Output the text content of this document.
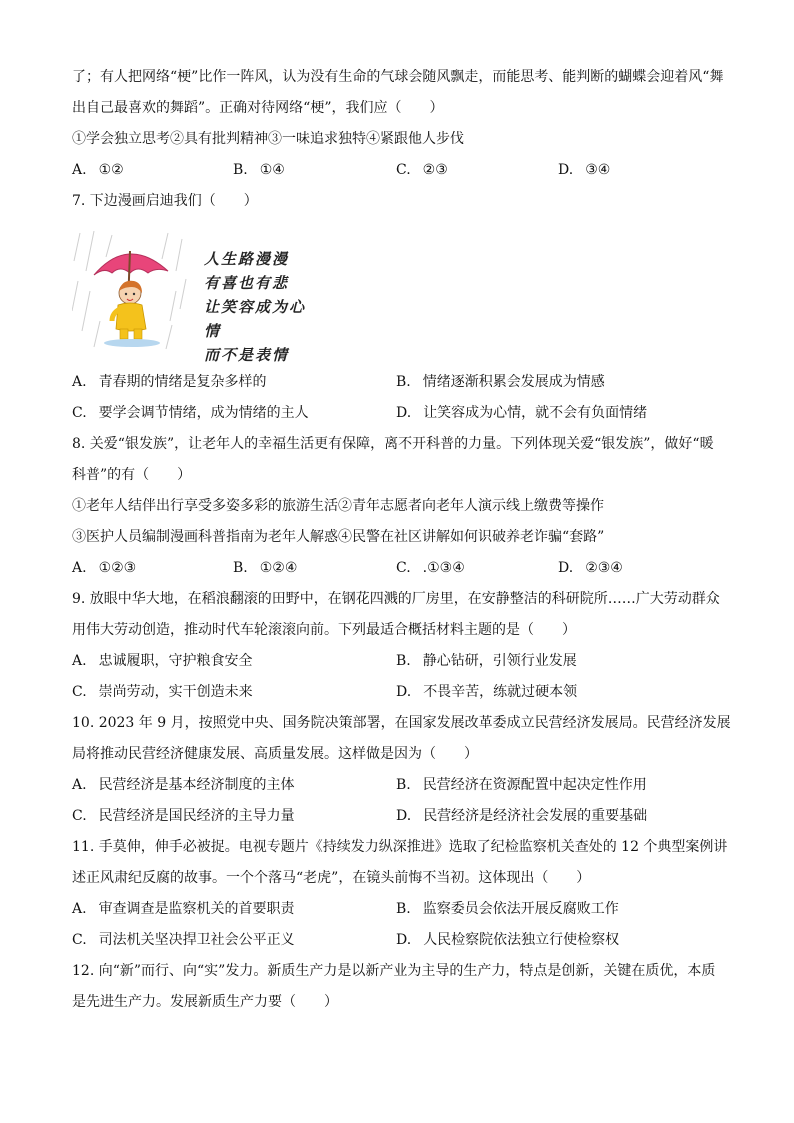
了；有人把网络“梗”比作一阵风，认为没有生命的气球会随风飘走，而能思考、能判断的蝴蝶会迎着风“舞
出自己最喜欢的舞蹈”。正确对待网络“梗”，我们应（　　）
①学会独立思考②具有批判精神③一味追求独特④紧跟他人步伐
A. ①②	B. ①④	C. ②③	D. ③④
7. 下边漫画启迪我们（　　）
人生路漫漫
有喜也有悲
让笑容成为心情
而不是表情
A. 青春期的情绪是复杂多样的	B. 情绪逐渐积累会发展成为情感
C. 要学会调节情绪，成为情绪的主人	D. 让笑容成为心情，就不会有负面情绪
8. 关爱“银发族”，让老年人的幸福生活更有保障，离不开科普的力量。下列体现关爱“银发族”，做好“暖
科普”的有（　　）
①老年人结伴出行享受多姿多彩的旅游生活②青年志愿者向老年人演示线上缴费等操作
③医护人员编制漫画科普指南为老年人解惑④民警在社区讲解如何识破养老诈骗“套路”
A. ①②③	B. ①②④	C. .①③④	D. ②③④
9. 放眼中华大地，在稻浪翻滚的田野中，在钢花四溅的厂房里，在安静整洁的科研院所……广大劳动群众
用伟大劳动创造，推动时代车轮滚滚向前。下列最适合概括材料主题的是（　　）
A. 忠诚履职，守护粮食安全	B. 静心钻研，引领行业发展
C. 崇尚劳动，实干创造未来	D. 不畏辛苦，练就过硬本领
10. 2023 年 9 月，按照党中央、国务院决策部署，在国家发展改革委成立民营经济发展局。民营经济发展
局将推动民营经济健康发展、高质量发展。这样做是因为（　　）
A. 民营经济是基本经济制度的主体	B. 民营经济在资源配置中起决定性作用
C. 民营经济是国民经济的主导力量	D. 民营经济是经济社会发展的重要基础
11. 手莫伸，伸手必被捉。电视专题片《持续发力纵深推进》选取了纪检监察机关查处的 12 个典型案例讲
述正风肃纪反腐的故事。一个个落马“老虎”，在镜头前悔不当初。这体现出（　　）
A. 审查调查是监察机关的首要职责	B. 监察委员会依法开展反腐败工作
C. 司法机关坚决捍卫社会公平正义	D. 人民检察院依法独立行使检察权
12. 向“新”而行、向“实”发力。新质生产力是以新产业为主导的生产力，特点是创新，关键在质优，本质
是先进生产力。发展新质生产力要（　　）
